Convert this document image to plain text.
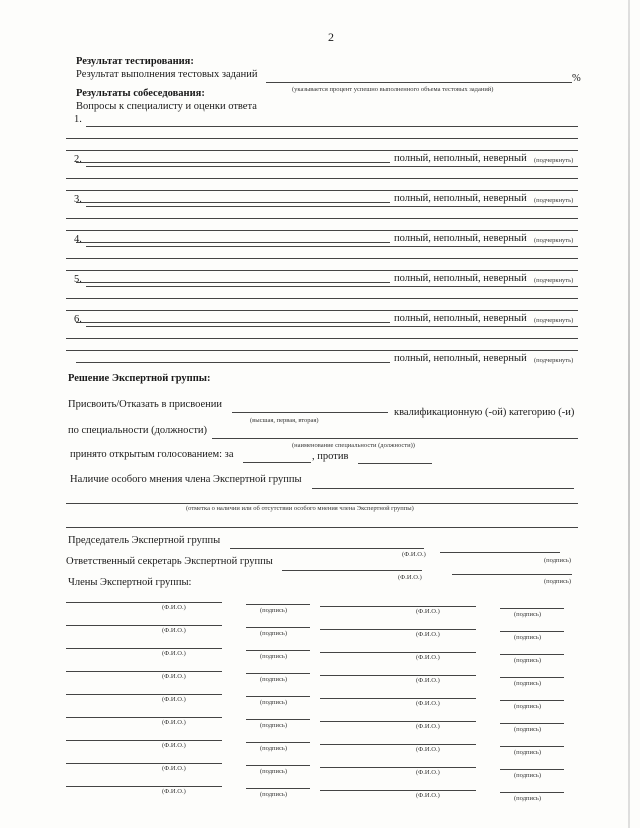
2
Результат тестирования:
Результат выполнения тестовых заданий	%
(указывается процент успешно выполненного объема тестовых заданий)
Результаты собеседования:
Вопросы к специалисту и оценки ответа
1.
полный, неполный, неверный (подчеркнуть)
2.
полный, неполный, неверный (подчеркнуть)
3.
полный, неполный, неверный (подчеркнуть)
4.
полный, неполный, неверный (подчеркнуть)
5.
полный, неполный, неверный (подчеркнуть)
6.
полный, неполный, неверный (подчеркнуть)
Решение Экспертной группы:
Присвоить/Отказать в присвоении
квалификационную (-ой) категорию (-и)
(высшая, первая, вторая)
по специальности (должности)
(наименование специальности (должности))
принято открытым голосованием: за	, против
Наличие особого мнения члена Экспертной группы
(отметка о наличии или об отсутствии особого мнения члена Экспертной группы)
Председатель Экспертной группы
(Ф.И.О.)
(подпись)
Ответственный секретарь Экспертной группы
(Ф.И.О.)
(подпись)
Члены Экспертной группы:
(Ф.И.О.)	(подпись)	(Ф.И.О.)	(подпись)
(Ф.И.О.)	(подпись)	(Ф.И.О.)	(подпись)
(Ф.И.О.)	(подпись)	(Ф.И.О.)	(подпись)
(Ф.И.О.)	(подпись)	(Ф.И.О.)	(подпись)
(Ф.И.О.)	(подпись)	(Ф.И.О.)	(подпись)
(Ф.И.О.)	(подпись)	(Ф.И.О.)	(подпись)
(Ф.И.О.)	(подпись)	(Ф.И.О.)	(подпись)
(Ф.И.О.)	(подпись)	(Ф.И.О.)	(подпись)
(Ф.И.О.)	(подпись)	(Ф.И.О.)	(подпись)
